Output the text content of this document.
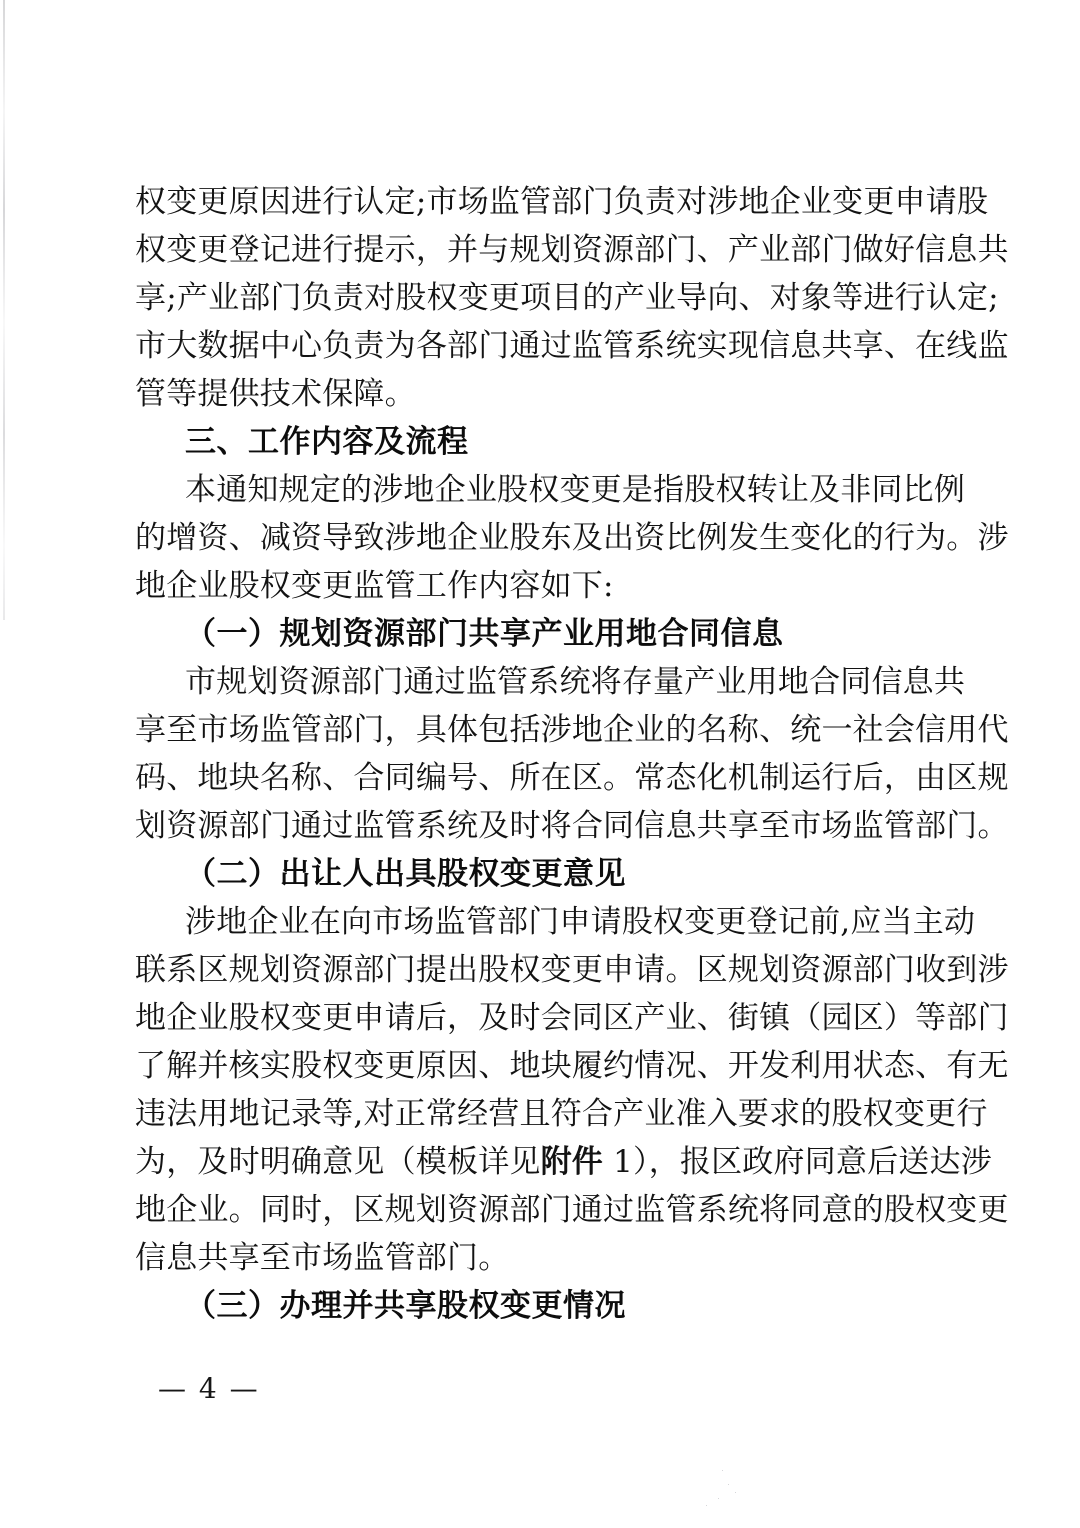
权 变 更 原 因 进 行 认 定 ; 市 场 监 管 部 门 负 责 对 涉 地 企 业 变 更 申 请 股
权 变 更 登 记 进 行 提 示 ， 并 与 规 划 资 源 部 门 、 产 业 部 门 做 好 信 息 共
享 ; 产 业 部 门 负 责 对 股 权 变 更 项 目 的 产 业 导 向 、 对 象 等 进 行 认 定 ;
市 大 数 据 中 心 负 责 为 各 部 门 通 过 监 管 系 统 实 现 信 息 共 享 、 在 线 监
管等提供技术保障。
三、工作内容及流程
本 通 知 规 定 的 涉 地 企 业 股 权 变 更 是 指 股 权 转 让 及 非 同 比 例
的 增 资 、 减 资 导 致 涉 地 企 业 股 东 及 出 资 比 例 发 生 变 化 的 行 为 。 涉
地企业股权变更监管工作内容如下:
（一）规划资源部门共享产业用地合同信息
市 规 划 资 源 部 门 通 过 监 管 系 统 将 存 量 产 业 用 地 合 同 信 息 共
享 至 市 场 监 管 部 门 ， 具 体 包 括 涉 地 企 业 的 名 称 、 统 一 社 会 信 用 代
码 、 地 块 名 称 、 合 同 编 号 、 所 在 区 。 常 态 化 机 制 运 行 后 ， 由 区 规
划 资 源 部 门 通 过 监 管 系 统 及 时 将 合 同 信 息 共 享 至 市 场 监 管 部 门 。
（二）出让人出具股权变更意见
涉 地 企 业 在 向 市 场 监 管 部 门 申 请 股 权 变 更 登 记 前 , 应 当 主 动
联 系 区 规 划 资 源 部 门 提 出 股 权 变 更 申 请 。 区 规 划 资 源 部 门 收 到 涉
地 企 业 股 权 变 更 申 请 后 ， 及 时 会 同 区 产 业 、 街 镇 （ 园 区 ） 等 部 门
了 解 并 核 实 股 权 变 更 原 因 、 地 块 履 约 情 况 、 开 发 利 用 状 态 、 有 无
违 法 用 地 记 录 等 , 对 正 常 经 营 且 符 合 产 业 准 入 要 求 的 股 权 变 更 行
为，及时明确意见（模板详见附件 1），报区政府同意后送达涉
地 企 业 。 同 时 ， 区 规 划 资 源 部 门 通 过 监 管 系 统 将 同 意 的 股 权 变 更
信息共享至市场监管部门。
（三）办理并共享股权变更情况
— 4 —
